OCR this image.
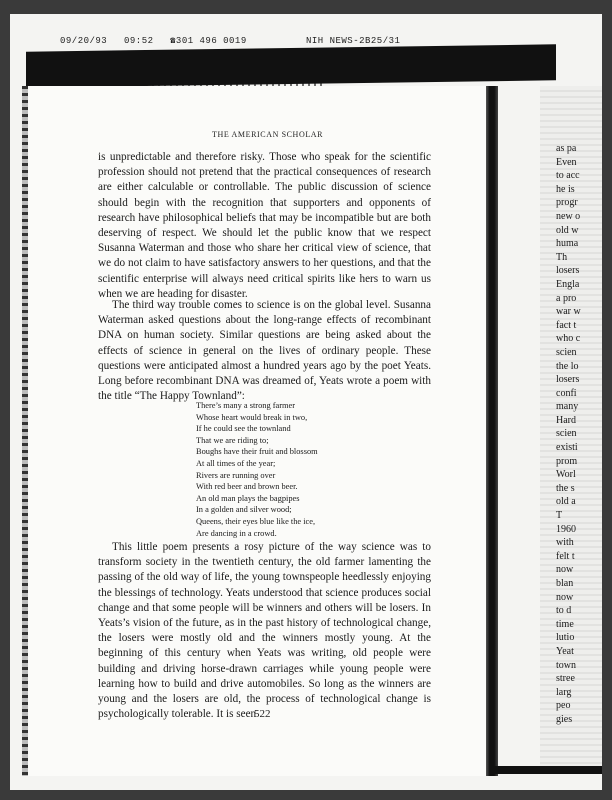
09/20/93 09:52 ☎301 496 0019	NIH NEWS-2B25/31
THE AMERICAN SCHOLAR

is unpredictable and therefore risky. Those who speak for the scientific profession should not pretend that the practical consequences of research are either calculable or controllable. The public discussion of science should begin with the recognition that supporters and opponents of research have philosophical beliefs that may be incompatible but are both deserving of respect. We should let the public know that we respect Susanna Waterman and those who share her critical view of science, that we do not claim to have satisfactory answers to her questions, and that the scientific enterprise will always need critical spirits like hers to warn us when we are heading for disaster.

The third way trouble comes to science is on the global level. Susanna Waterman asked questions about the long-range effects of recombinant DNA on human society. Similar questions are being asked about the effects of science in general on the lives of ordinary people. These questions were anticipated almost a hundred years ago by the poet Yeats. Long before recombinant DNA was dreamed of, Yeats wrote a poem with the title “The Happy Townland”:

There’s many a strong farmer
Whose heart would break in two,
If he could see the townland
That we are riding to;
Boughs have their fruit and blossom
At all times of the year;
Rivers are running over
With red beer and brown beer.
An old man plays the bagpipes
In a golden and silver wood;
Queens, their eyes blue like the ice,
Are dancing in a crowd.

This little poem presents a rosy picture of the way science was to transform society in the twentieth century, the old farmer lamenting the passing of the old way of life, the young townspeople heedlessly enjoying the blessings of technology. Yeats understood that science produces social change and that some people will be winners and others will be losers. In Yeats’s vision of the future, as in the past history of technological change, the losers were mostly old and the winners mostly young. At the beginning of this century when Yeats was writing, old people were building and driving horse-drawn carriages while young people were learning how to build and drive automobiles. So long as the winners are young and the losers are old, the process of technological change is psychologically tolerable. It is seen

522
as pa
Even
to acc
he is
progr
new o
old w
huma
Th
losers
Engla
a pro
war w
fact t
who c
scien
the lo
losers
confi
many
Hard
scien
existi
prom
Worl
the s
old a
T
1960
with
felt t
now
blan
now
to d
time
lutio
Yeat
town
stree
larg
peo
gies
